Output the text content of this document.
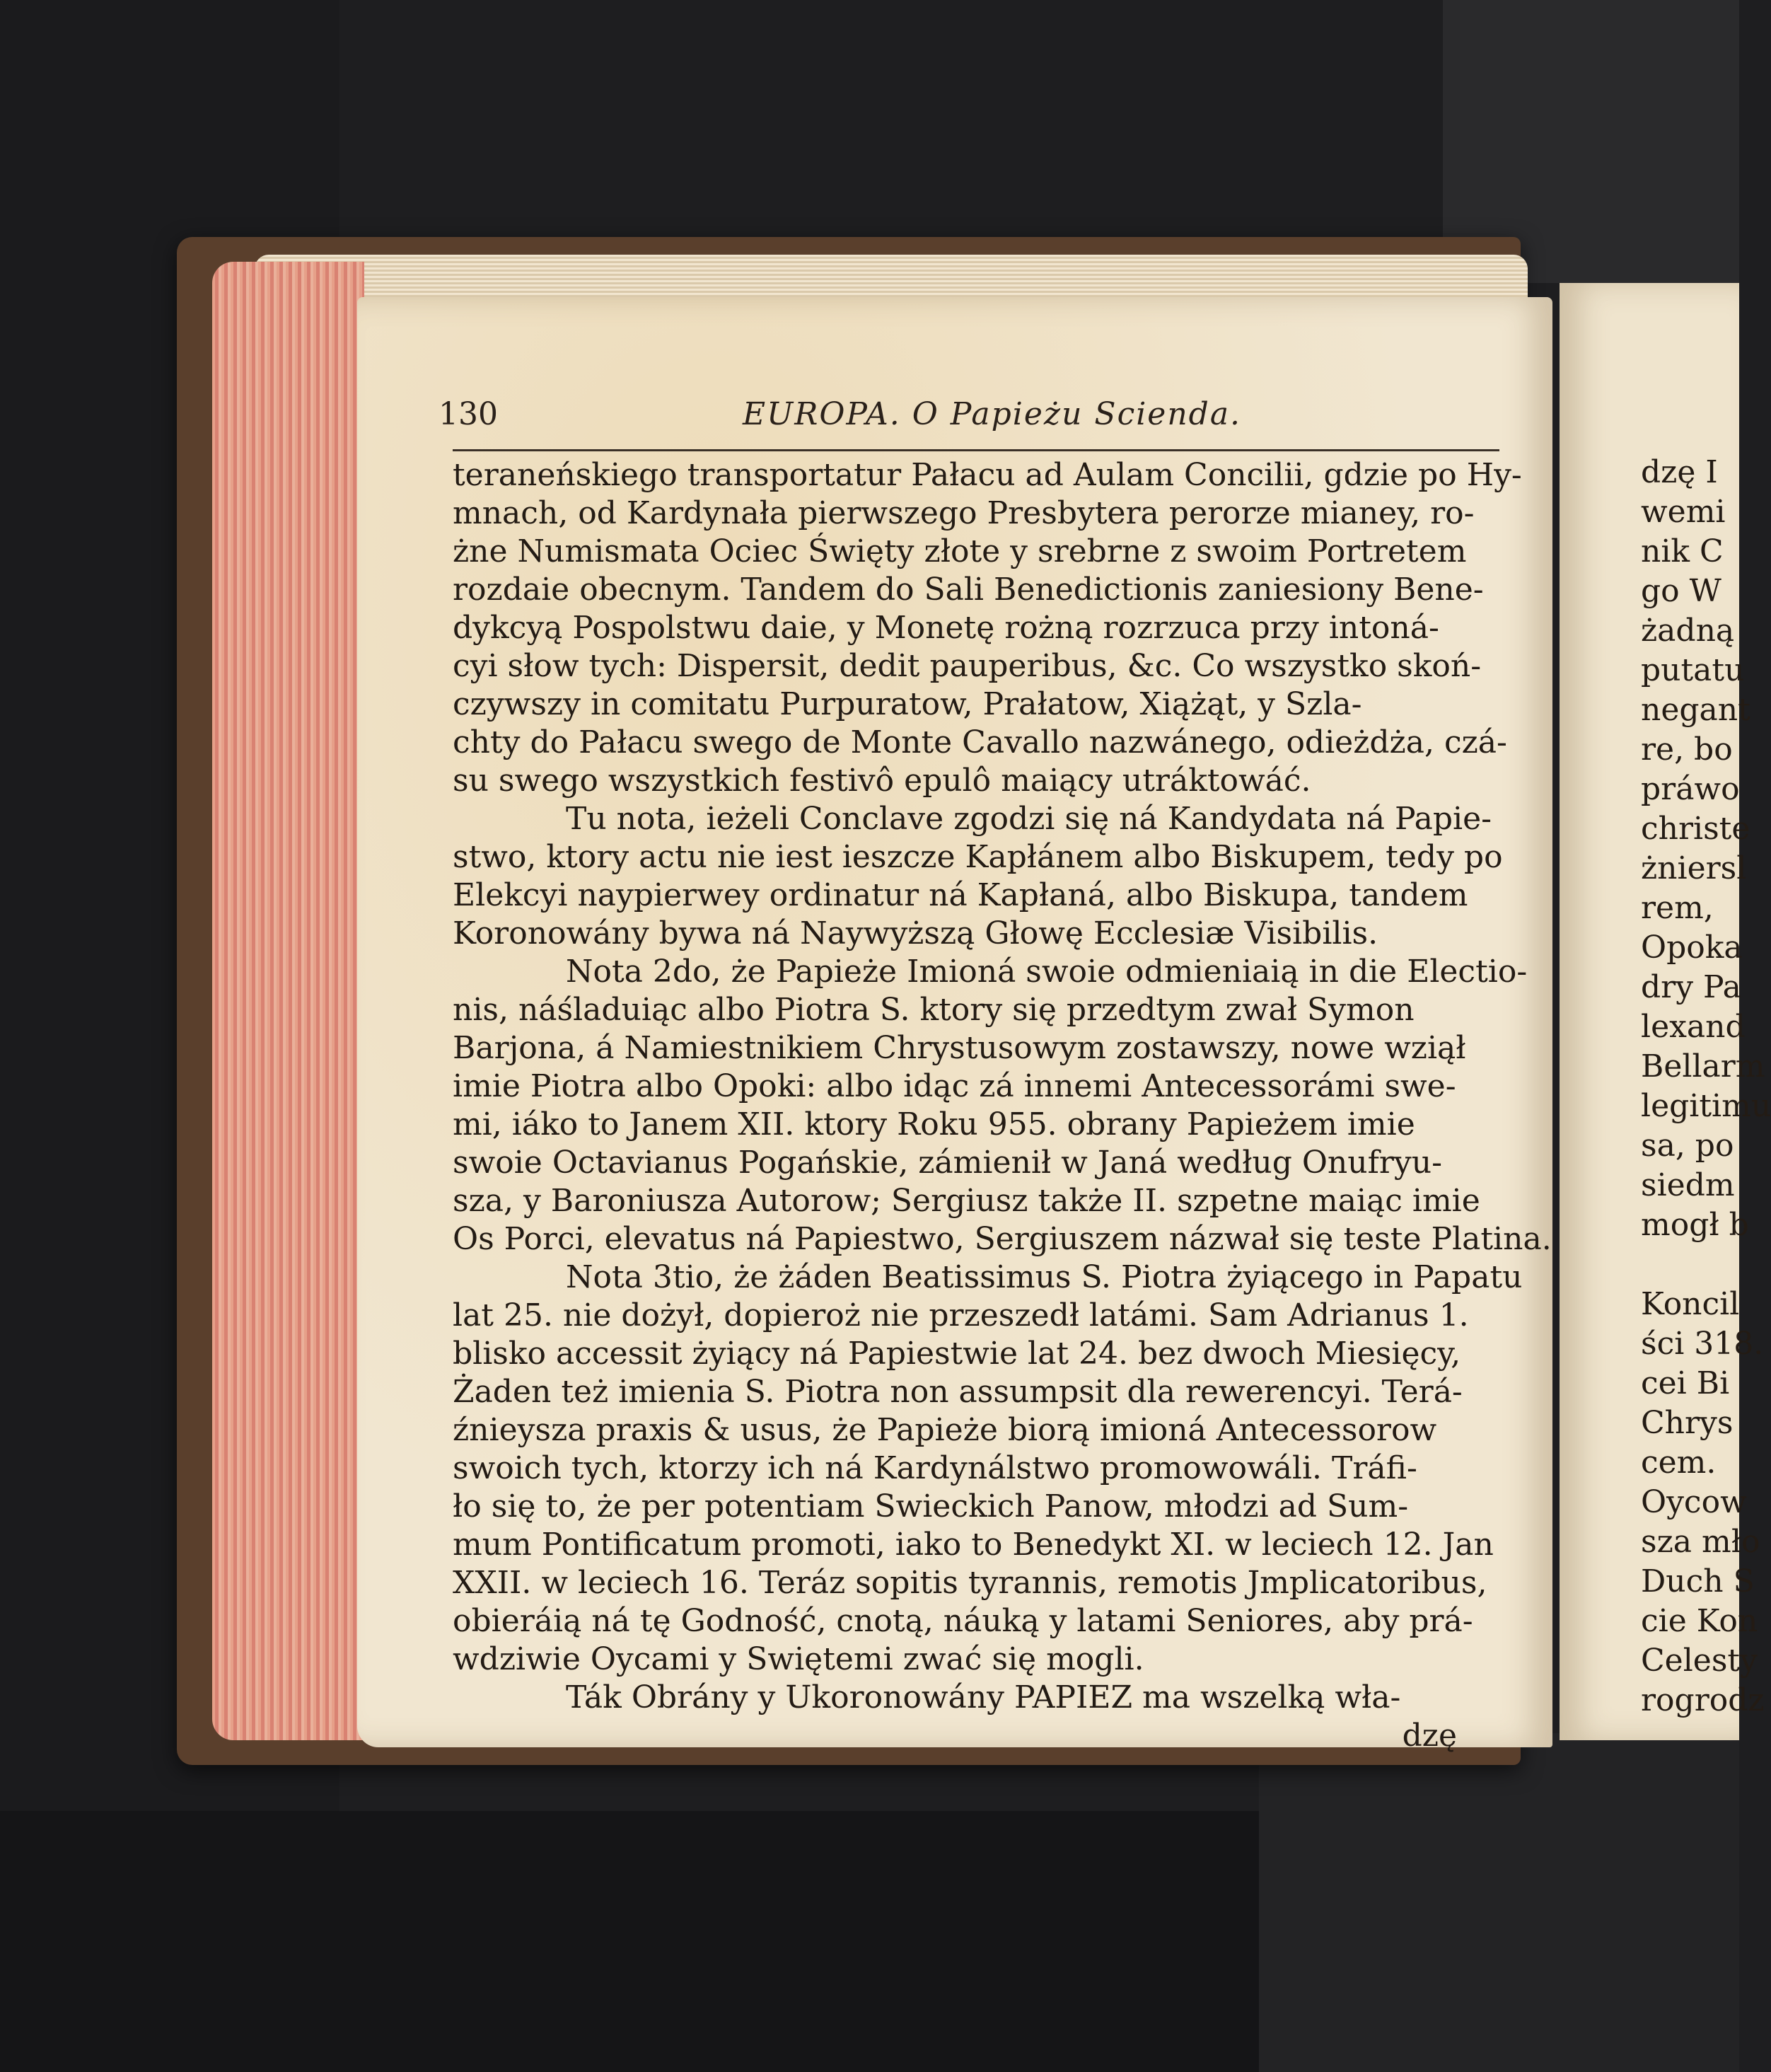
130	EUROPA. O Papieżu Scienda.
teraneńskiego transportatur Pałacu ad Aulam Concilii, gdzie po Hy-
mnach, od Kardynała pierwszego Presbytera perorze mianey, ro-
żne Numismata Ociec Święty złote y srebrne z swoim Portretem
rozdaie obecnym. Tandem do Sali Benedictionis zaniesiony Bene-
dykcyą Pospolstwu daie, y Monetę rożną rozrzuca przy intoná-
cyi słow tych: Dispersit, dedit pauperibus, &c. Co wszystko skoń-
czywszy in comitatu Purpuratow, Prałatow, Xiążąt, y Szla-
chty do Pałacu swego de Monte Cavallo nazwánego, odieżdża, czá-
su swego wszystkich festivô epulô maiący utráktowáć.
Tu nota, ieżeli Conclave zgodzi się ná Kandydata ná Papie-
stwo, ktory actu nie iest ieszcze Kapłánem albo Biskupem, tedy po
Elekcyi naypierwey ordinatur ná Kapłaná, albo Biskupa, tandem
Koronowány bywa ná Naywyższą Głowę Ecclesiæ Visibilis.
Nota 2do, że Papieże Imioná swoie odmieniaią in die Electio-
nis, náśladuiąc albo Piotra S. ktory się przedtym zwał Symon
Barjona, á Namiestnikiem Chrystusowym zostawszy, nowe wziął
imie Piotra albo Opoki: albo idąc zá innemi Antecessorámi swe-
mi, iáko to Janem XII. ktory Roku 955. obrany Papieżem imie
swoie Octavianus Pogańskie, zámienił w Janá według Onufryu-
sza, y Baroniusza Autorow; Sergiusz także II. szpetne maiąc imie
Os Porci, elevatus ná Papiestwo, Sergiuszem názwał się teste Platina.
Nota 3tio, że żáden Beatissimus S. Piotra żyiącego in Papatu
lat 25. nie dożył, dopieroż nie przeszedł latámi. Sam Adrianus 1.
blisko accessit żyiący ná Papiestwie lat 24. bez dwoch Miesięcy,
Żaden też imienia S. Piotra non assumpsit dla rewerencyi. Terá-
źnieysza praxis & usus, że Papieże biorą imioná Antecessorow
swoich tych, ktorzy ich ná Kardynálstwo promowowáli. Tráfi-
ło się to, że per potentiam Swieckich Panow, młodzi ad Sum-
mum Pontificatum promoti, iako to Benedykt XI. w leciech 12. Jan
XXII. w leciech 16. Teráz sopitis tyrannis, remotis Jmplicatoribus,
obieráią ná tę Godność, cnotą, náuką y latami Seniores, aby prá-
wdziwie Oycami y Swiętemi zwać się mogli.
Ták Obrány y Ukoronowány PAPIEZ ma wszelką wła-
dzę
dzę I
wemi
nik C
go W
żadną
putatu
negant
re, bo
práwo
christe
żniersl
rem,
Opoka
dry Pa
lexand
Bellarm
legitimu
sa, po
siedm
mogł b
Koncil
ści 318.
cei Bi
Chrys
cem.
Oycow
sza mło
Duch S
cie Kon
Celesty
rogrodz
